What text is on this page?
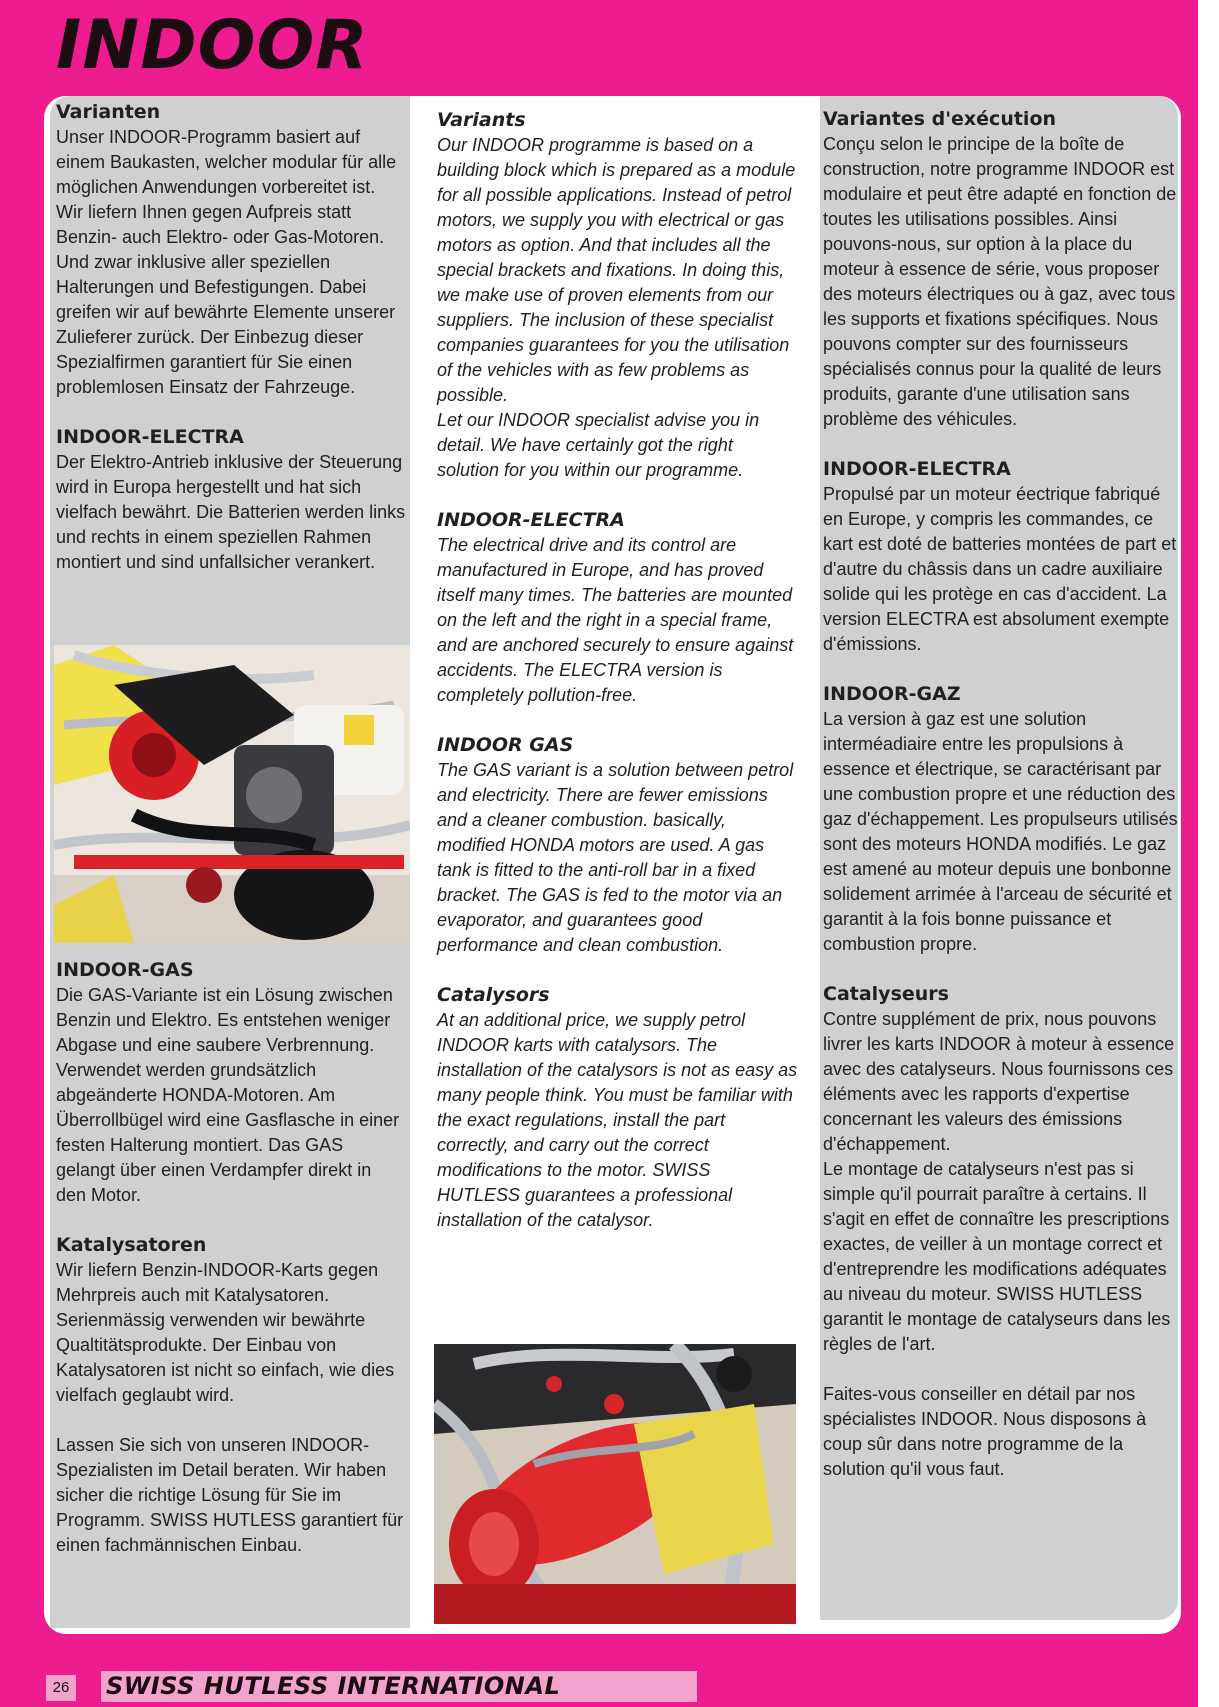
INDOOR
Varianten

Unser INDOOR-Programm basiert auf einem Baukasten, welcher modular für alle möglichen Anwendungen vorbereitet ist. Wir liefern Ihnen gegen Aufpreis statt Benzin- auch Elektro- oder Gas-Motoren. Und zwar inklusive aller speziellen Halterungen und Befestigungen. Dabei greifen wir auf bewährte Elemente unserer Zulieferer zurück. Der Einbezug dieser Spezialfirmen garantiert für Sie einen problemlosen Einsatz der Fahrzeuge.

INDOOR-ELECTRA

Der Elektro-Antrieb inklusive der Steuerung wird in Europa hergestellt und hat sich vielfach bewährt. Die Batterien werden links und rechts in einem speziellen Rahmen montiert und sind unfallsicher verankert.

INDOOR-GAS

Die GAS-Variante ist ein Lösung zwischen Benzin und Elektro. Es entstehen weniger Abgase und eine saubere Verbrennung. Verwendet werden grundsätzlich abgeänderte HONDA-Motoren. Am Überrollbügel wird eine Gasflasche in einer festen Halterung montiert. Das GAS gelangt über einen Verdampfer direkt in den Motor.

Katalysatoren

Wir liefern Benzin-INDOOR-Karts gegen Mehrpreis auch mit Katalysatoren. Serienmässig verwenden wir bewährte Qualtitätsprodukte. Der Einbau von Katalysatoren ist nicht so einfach, wie dies vielfach geglaubt wird.

Lassen Sie sich von unseren INDOOR-Spezialisten im Detail beraten. Wir haben sicher die richtige Lösung für Sie im Programm. SWISS HUTLESS garantiert für einen fachmännischen Einbau.

Variants

Our INDOOR programme is based on a building block which is prepared as a module for all possible applications. Instead of petrol motors, we supply you with electrical or gas motors as option. And that includes all the special brackets and fixations. In doing this, we make use of proven elements from our suppliers. The inclusion of these specialist companies guarantees for you the utilisation of the vehicles with as few problems as possible.

Let our INDOOR specialist advise you in detail. We have certainly got the right solution for you within our programme.

INDOOR-ELECTRA

The electrical drive and its control are manufactured in Europe, and has proved itself many times. The batteries are mounted on the left and the right in a special frame, and are anchored securely to ensure against accidents. The ELECTRA version is completely pollution-free.

INDOOR GAS

The GAS variant is a solution between petrol and electricity. There are fewer emissions and a cleaner combustion. basically, modified HONDA motors are used. A gas tank is fitted to the anti-roll bar in a fixed bracket. The GAS is fed to the motor via an evaporator, and guarantees good performance and clean combustion.

Catalysors

At an additional price, we supply petrol INDOOR karts with catalysors. The installation of the catalysors is not as easy as many people think. You must be familiar with the exact regulations, install the part correctly, and carry out the correct modifications to the motor. SWISS HUTLESS guarantees a professional installation of the catalysor.

Variantes d'exécution

Conçu selon le principe de la boîte de construction, notre programme INDOOR est modulaire et peut être adapté en fonction de toutes les utilisations possibles. Ainsi pouvons-nous, sur option à la place du moteur à essence de série, vous proposer des moteurs électriques ou à gaz, avec tous les supports et fixations spécifiques. Nous pouvons compter sur des fournisseurs spécialisés connus pour la qualité de leurs produits, garante d'une utilisation sans problème des véhicules.

INDOOR-ELECTRA

Propulsé par un moteur éectrique fabriqué en Europe, y compris les commandes, ce kart est doté de batteries montées de part et d'autre du châssis dans un cadre auxiliaire solide qui les protège en cas d'accident. La version ELECTRA est absolument exempte d'émissions.

INDOOR-GAZ

La version à gaz est une solution interméadiaire entre les propulsions à essence et électrique, se caractérisant par une combustion propre et une réduction des gaz d'échappement. Les propulseurs utilisés sont des moteurs HONDA modifiés. Le gaz est amené au moteur depuis une bonbonne solidement arrimée à l'arceau de sécurité et garantit à la fois bonne puissance et combustion propre.

Catalyseurs

Contre supplément de prix, nous pouvons livrer les karts INDOOR à moteur à essence avec des catalyseurs. Nous fournissons ces éléments avec les rapports d'expertise concernant les valeurs des émissions d'échappement.

Le montage de catalyseurs n'est pas si simple qu'il pourrait paraître à certains. Il s'agit en effet de connaître les prescriptions exactes, de veiller à un montage correct et d'entreprendre les modifications adéquates au niveau du moteur. SWISS HUTLESS garantit le montage de catalyseurs dans les règles de l'art.

Faites-vous conseiller en détail par nos spécialistes INDOOR. Nous disposons à coup sûr dans notre programme de la solution qu'il vous faut.

26 SWISS HUTLESS INTERNATIONAL
